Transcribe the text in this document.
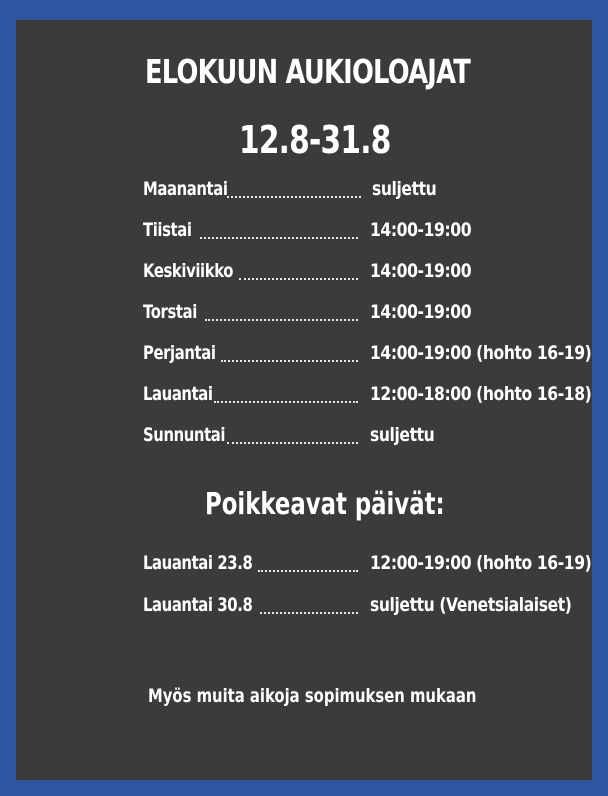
ELOKUUN AUKIOLOAJAT
12.8-31.8
Maanantai	suljettu
Tiistai	14:00-19:00
Keskiviikko	14:00-19:00
Torstai	14:00-19:00
Perjantai	14:00-19:00 (hohto 16-19)
Lauantai	12:00-18:00 (hohto 16-18)
Sunnuntai	suljettu
Poikkeavat päivät:
Lauantai 23.8	12:00-19:00 (hohto 16-19)
Lauantai 30.8	suljettu (Venetsialaiset)
Myös muita aikoja sopimuksen mukaan
